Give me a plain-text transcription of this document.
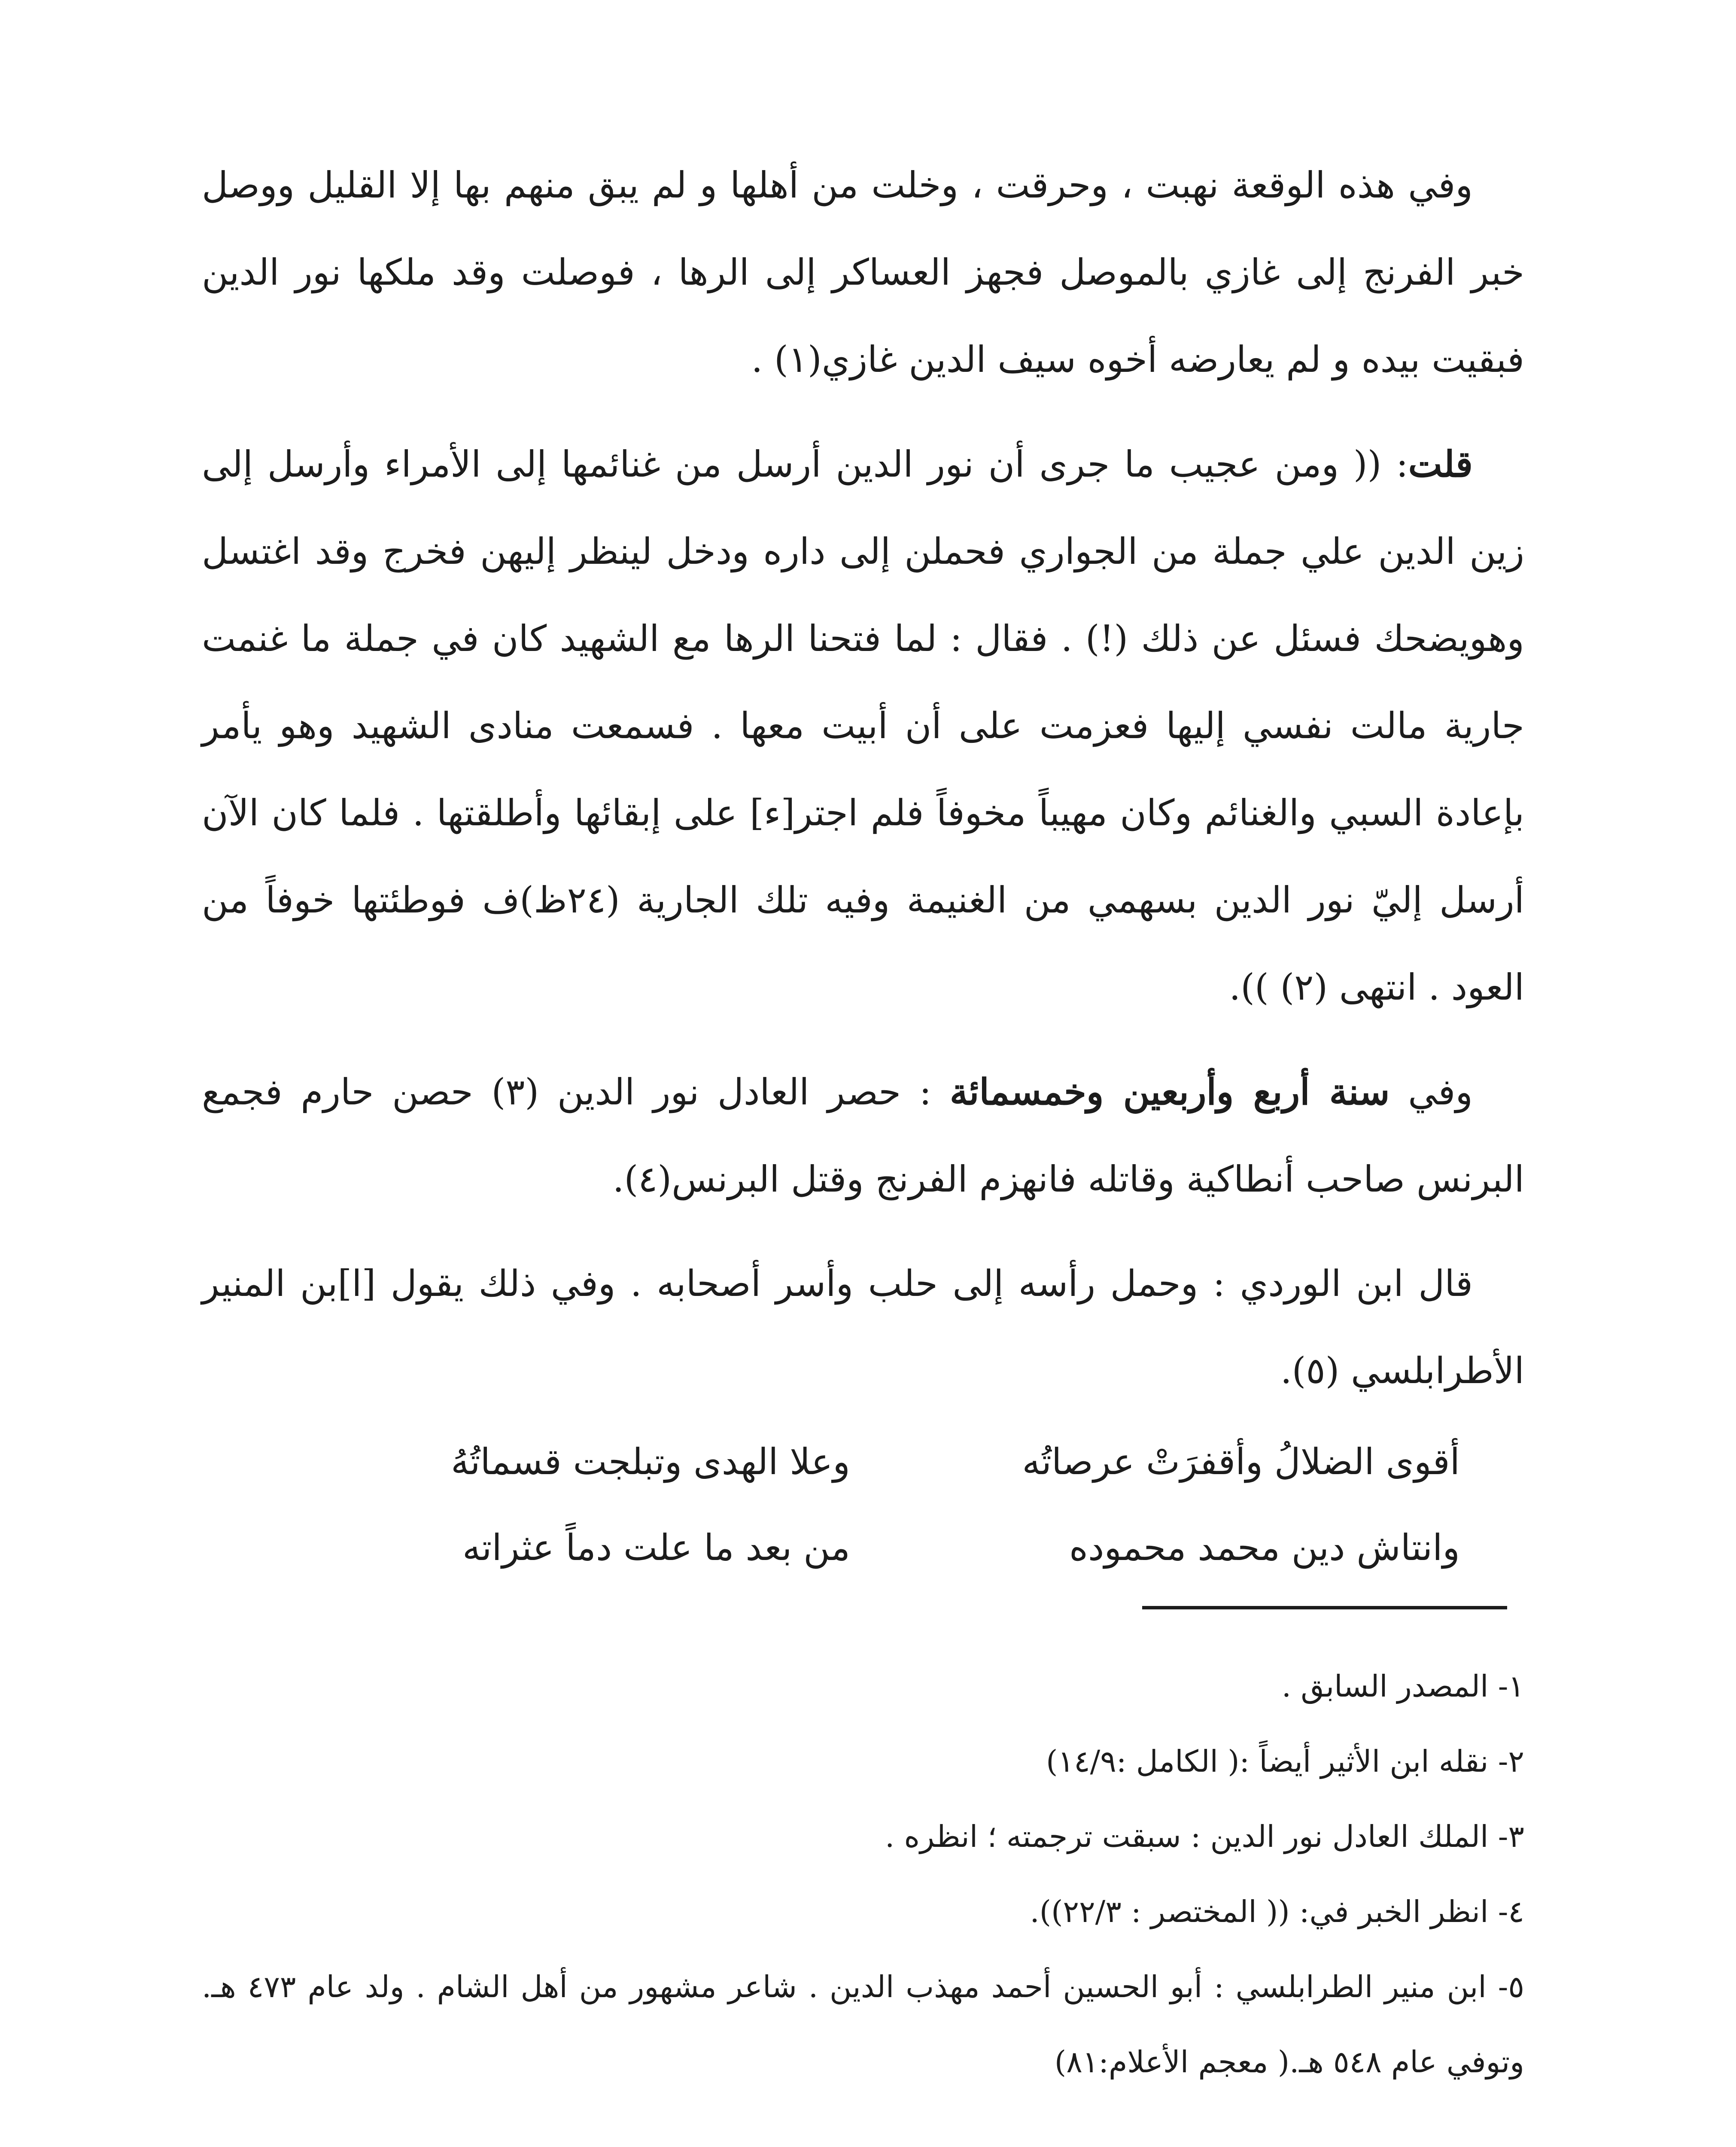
وفي هذه الوقعة نهبت ، وحرقت ، وخلت من أهلها و لم يبق منهم بها إلا القليل ووصل خبر الفرنج إلى غازي بالموصل فجهز العساكر إلى الرها ، فوصلت وقد ملكها نور الدين فبقيت بيده و لم يعارضه أخوه سيف الدين غازي(١) .

قلت: (( ومن عجيب ما جرى أن نور الدين أرسل من غنائمها إلى الأمراء وأرسل إلى زين الدين علي جملة من الجواري فحملن إلى داره ودخل لينظر إليهن فخرج وقد اغتسل وهويضحك فسئل عن ذلك (!) . فقال : لما فتحنا الرها مع الشهيد كان في جملة ما غنمت جارية مالت نفسي إليها فعزمت على أن أبيت معها . فسمعت منادى الشهيد وهو يأمر بإعادة السبي والغنائم وكان مهيباً مخوفاً فلم اجتر[ء] على إبقائها وأطلقتها . فلما كان الآن أرسل إليّ نور الدين بسهمي من الغنيمة وفيه تلك الجارية (٢٤ظ)ف فوطئتها خوفاً من العود . انتهى (٢) )).

وفي سنة أربع وأربعين وخمسمائة : حصر العادل نور الدين (٣) حصن حارم فجمع البرنس صاحب أنطاكية وقاتله فانهزم الفرنج وقتل البرنس(٤).

قال ابن الوردي : وحمل رأسه إلى حلب وأسر أصحابه . وفي ذلك يقول [ا]بن المنير الأطرابلسي (٥).

أقوى الضلالُ وأقفرَتْ عرصاتُه
وعلا الهدى وتبلجت قسماتُهُ
وانتاش دين محمد محموده
من بعد ما علت دماً عثراته

١- المصدر السابق .

٢- نقله ابن الأثير أيضاً :( الكامل :١٤/٩)

٣- الملك العادل نور الدين : سبقت ترجمته ؛ انظره .

٤- انظر الخبر في: (( المختصر : ٢٢/٣)).

٥- ابن منير الطرابلسي : أبو الحسين أحمد مهذب الدين . شاعر مشهور من أهل الشام . ولد عام ٤٧٣ هـ. وتوفي عام ٥٤٨ هـ.( معجم الأعلام:٨١)
